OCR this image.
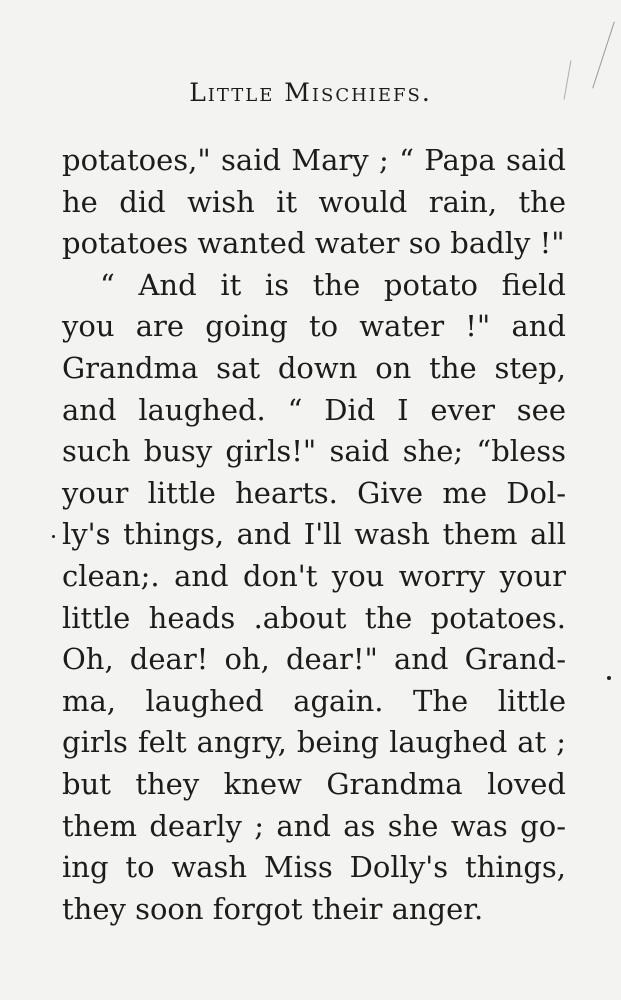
Little Mischiefs.
potatoes," said Mary ; “ Papa said
he did wish it would rain, the
potatoes wanted water so badly !"
“ And it is the potato field
you are going to water !" and
Grandma sat down on the step,
and laughed. “ Did I ever see
such busy girls!" said she; “bless
your little hearts. Give me Dol-
ly's things, and I'll wash them all
clean;. and don't you worry your
little heads .about the potatoes.
Oh, dear! oh, dear!" and Grand-
ma, laughed again. The little
girls felt angry, being laughed at ;
but they knew Grandma loved
them dearly ; and as she was go-
ing to wash Miss Dolly's things,
they soon forgot their anger.
